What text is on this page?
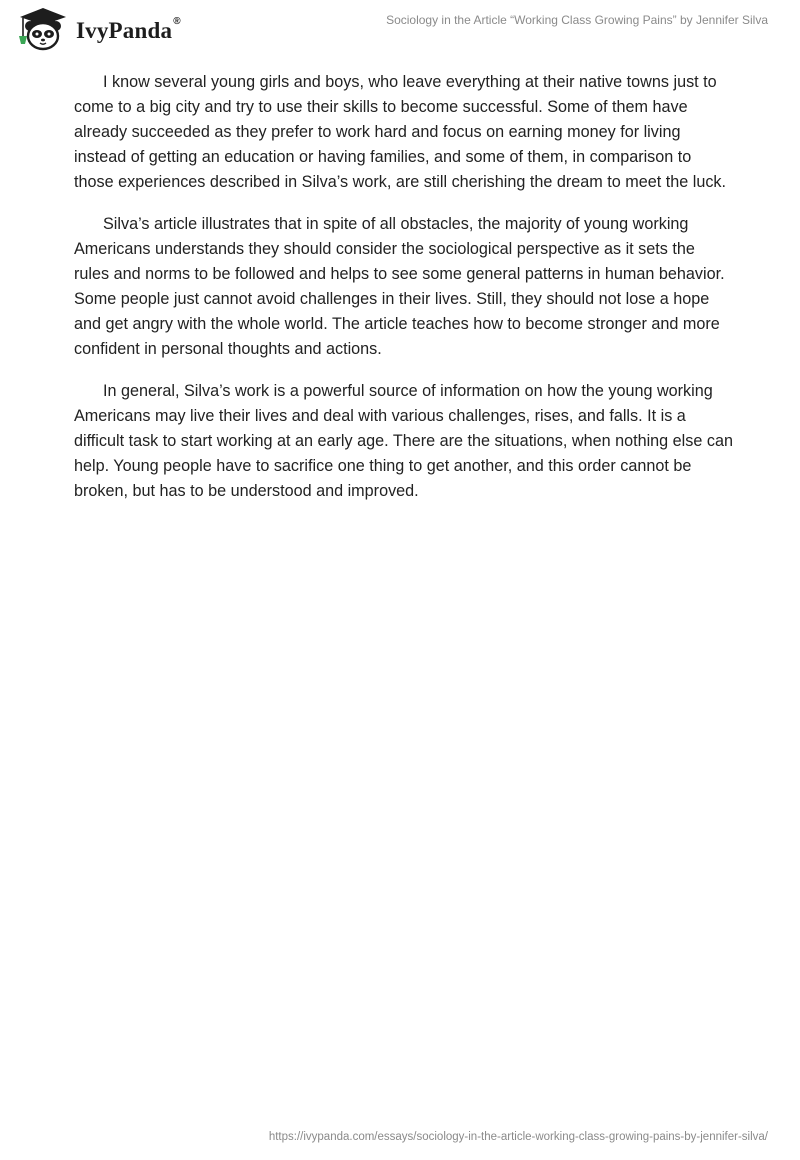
IvyPanda®	Sociology in the Article “Working Class Growing Pains” by Jennifer Silva

I know several young girls and boys, who leave everything at their native towns just to come to a big city and try to use their skills to become successful. Some of them have already succeeded as they prefer to work hard and focus on earning money for living instead of getting an education or having families, and some of them, in comparison to those experiences described in Silva’s work, are still cherishing the dream to meet the luck.

Silva’s article illustrates that in spite of all obstacles, the majority of young working Americans understands they should consider the sociological perspective as it sets the rules and norms to be followed and helps to see some general patterns in human behavior. Some people just cannot avoid challenges in their lives. Still, they should not lose a hope and get angry with the whole world. The article teaches how to become stronger and more confident in personal thoughts and actions.

In general, Silva’s work is a powerful source of information on how the young working Americans may live their lives and deal with various challenges, rises, and falls. It is a difficult task to start working at an early age. There are the situations, when nothing else can help. Young people have to sacrifice one thing to get another, and this order cannot be broken, but has to be understood and improved.

https://ivypanda.com/essays/sociology-in-the-article-working-class-growing-pains-by-jennifer-silva/
